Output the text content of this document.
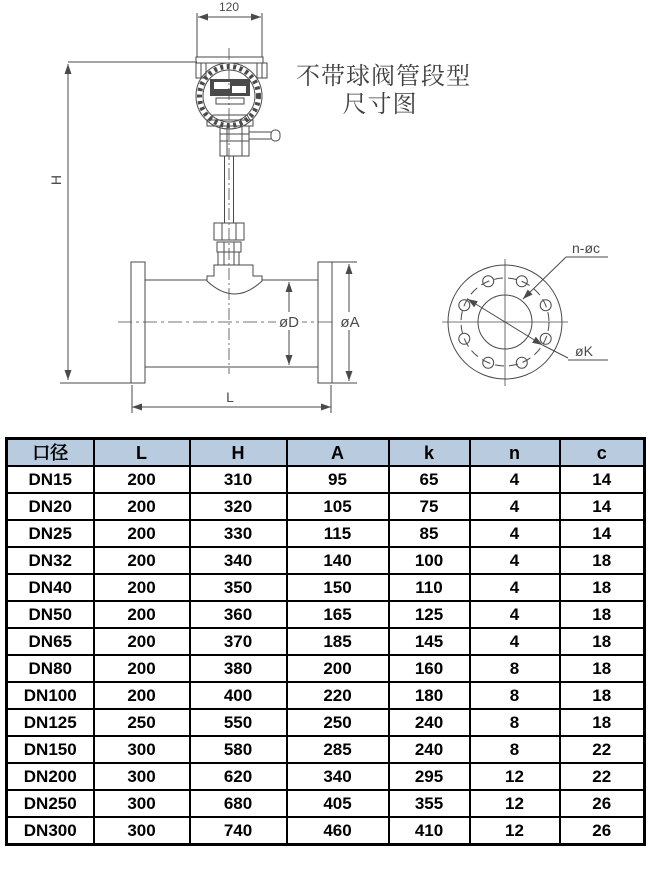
不带球阀管段型
尺寸图
120
H
øD	øA
L
n-øc
øK
口径	L	H	A	k	n	c
DN15	200	310	95	65	4	14
DN20	200	320	105	75	4	14
DN25	200	330	115	85	4	14
DN32	200	340	140	100	4	18
DN40	200	350	150	110	4	18
DN50	200	360	165	125	4	18
DN65	200	370	185	145	4	18
DN80	200	380	200	160	8	18
DN100	200	400	220	180	8	18
DN125	250	550	250	240	8	18
DN150	300	580	285	240	8	22
DN200	300	620	340	295	12	22
DN250	300	680	405	355	12	26
DN300	300	740	460	410	12	26
